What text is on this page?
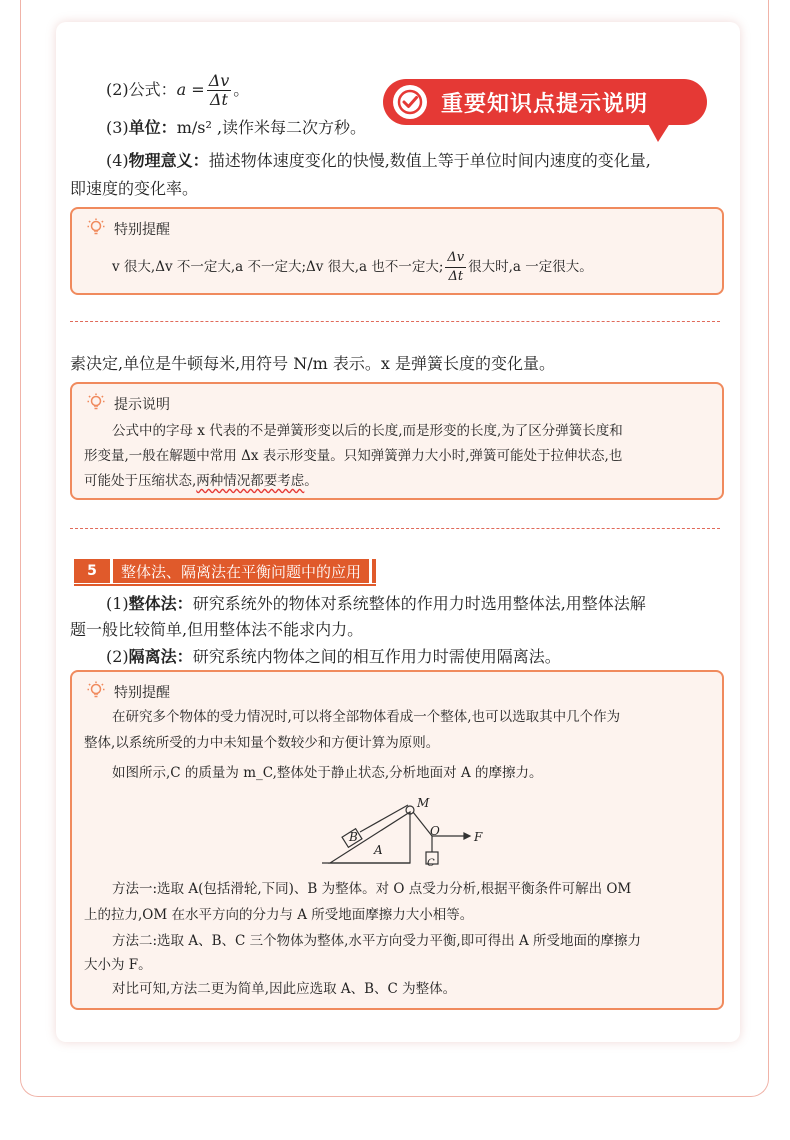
(2)公式：$a = \frac{\Delta v}{\Delta t}$ 。
重要知识点提示说明
(3)单位：m/s² ,读作米每二次方秒。
(4)物理意义：描述物体速度变化的快慢,数值上等于单位时间内速度的变化量,
即速度的变化率。
特别提醒
v 很大,Δv 不一定大,a 不一定大;Δv 很大,a 也不一定大; $\frac{\Delta v}{\Delta t}$ 很大时,a 一定很大。
素决定,单位是牛顿每米,用符号 N/m 表示。x 是弹簧长度的变化量。
提示说明
公式中的字母 x 代表的不是弹簧形变以后的长度,而是形变的长度,为了区分弹簧长度和
形变量,一般在解题中常用 Δx 表示形变量。只知弹簧弹力大小时,弹簧可能处于拉伸状态,也
可能处于压缩状态,两种情况都要考虑。
5	整体法、隔离法在平衡问题中的应用
(1)整体法：研究系统外的物体对系统整体的作用力时选用整体法,用整体法解
题一般比较简单,但用整体法不能求内力。
(2)隔离法：研究系统内物体之间的相互作用力时需使用隔离法。
特别提醒
在研究多个物体的受力情况时,可以将全部物体看成一个整体,也可以选取其中几个作为
整体,以系统所受的力中未知量个数较少和方便计算为原则。
如图所示,C 的质量为 m_C,整体处于静止状态,分析地面对 A 的摩擦力。
M
B
A
O	F
C
方法一:选取 A(包括滑轮,下同)、B 为整体。对 O 点受力分析,根据平衡条件可解出 OM
上的拉力,OM 在水平方向的分力与 A 所受地面摩擦力大小相等。
方法二:选取 A、B、C 三个物体为整体,水平方向受力平衡,即可得出 A 所受地面的摩擦力
大小为 F。
对比可知,方法二更为简单,因此应选取 A、B、C 为整体。
